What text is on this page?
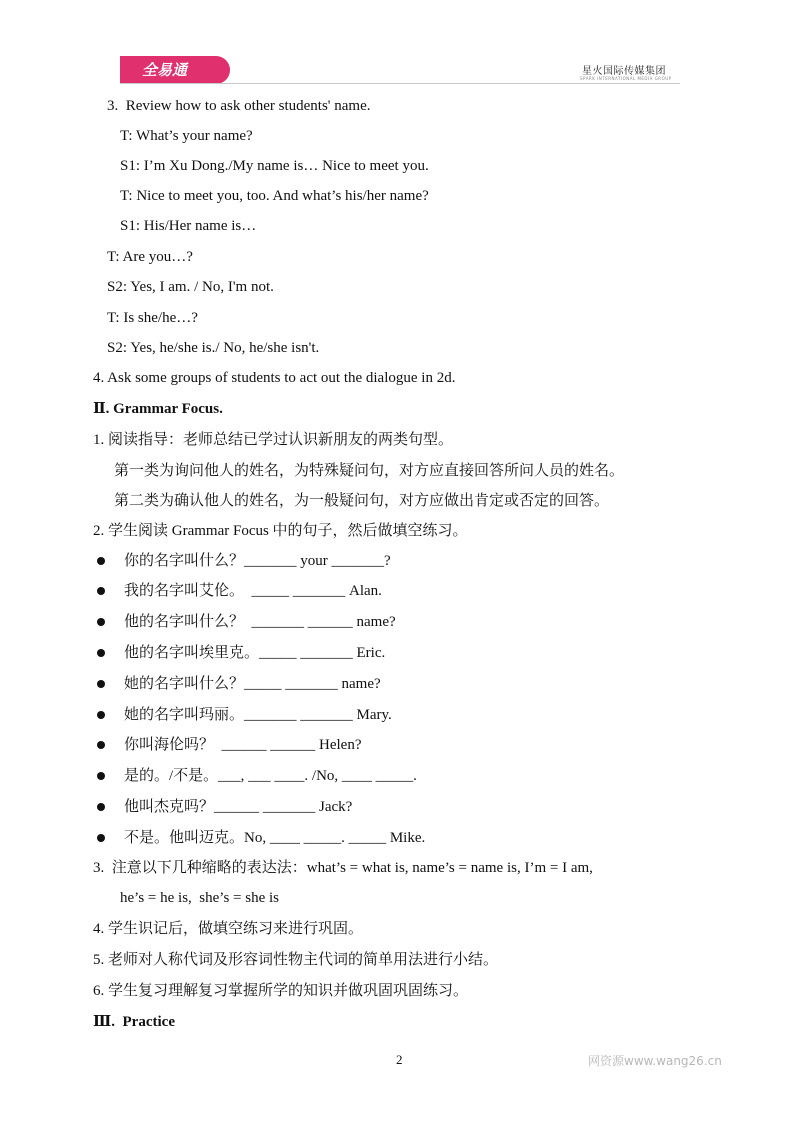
全易通	星火国际传媒集团
SPARK INTERNATIONAL MEDIA GROUP
3.  Review how to ask other students' name.
T: What’s your name?
S1: I’m Xu Dong./My name is… Nice to meet you.
T: Nice to meet you, too. And what’s his/her name?
S1: His/Her name is…
T: Are you…?
S2: Yes, I am. / No, I'm not.
T: Is she/he…?
S2: Yes, he/she is./ No, he/she isn't.
4. Ask some groups of students to act out the dialogue in 2d.
Ⅱ. Grammar Focus.
1. 阅读指导：老师总结已学过认识新朋友的两类句型。
第一类为询问他人的姓名，为特殊疑问句，对方应直接回答所问人员的姓名。
第二类为确认他人的姓名，为一般疑问句，对方应做出肯定或否定的回答。
2. 学生阅读 Grammar Focus 中的句子，然后做填空练习。
你的名字叫什么？_______ your _______?
我的名字叫艾伦。  _____ _______ Alan.
他的名字叫什么？  _______ ______ name?
他的名字叫埃里克。_____ _______ Eric.
她的名字叫什么？_____ _______ name?
她的名字叫玛丽。_______ _______ Mary.
你叫海伦吗？  ______ ______ Helen?
是的。/不是。___, ___ ____. /No, ____ _____.
他叫杰克吗？______ _______ Jack?
不是。他叫迈克。No, ____ _____. _____ Mike.
3.  注意以下几种缩略的表达法：what’s = what is, name’s = name is, I’m = I am,
he’s = he is,  she’s = she is
4. 学生识记后，做填空练习来进行巩固。
5. 老师对人称代词及形容词性物主代词的简单用法进行小结。
6. 学生复习理解复习掌握所学的知识并做巩固巩固练习。
Ⅲ.  Practice
2	网资源www.wang26.cn
